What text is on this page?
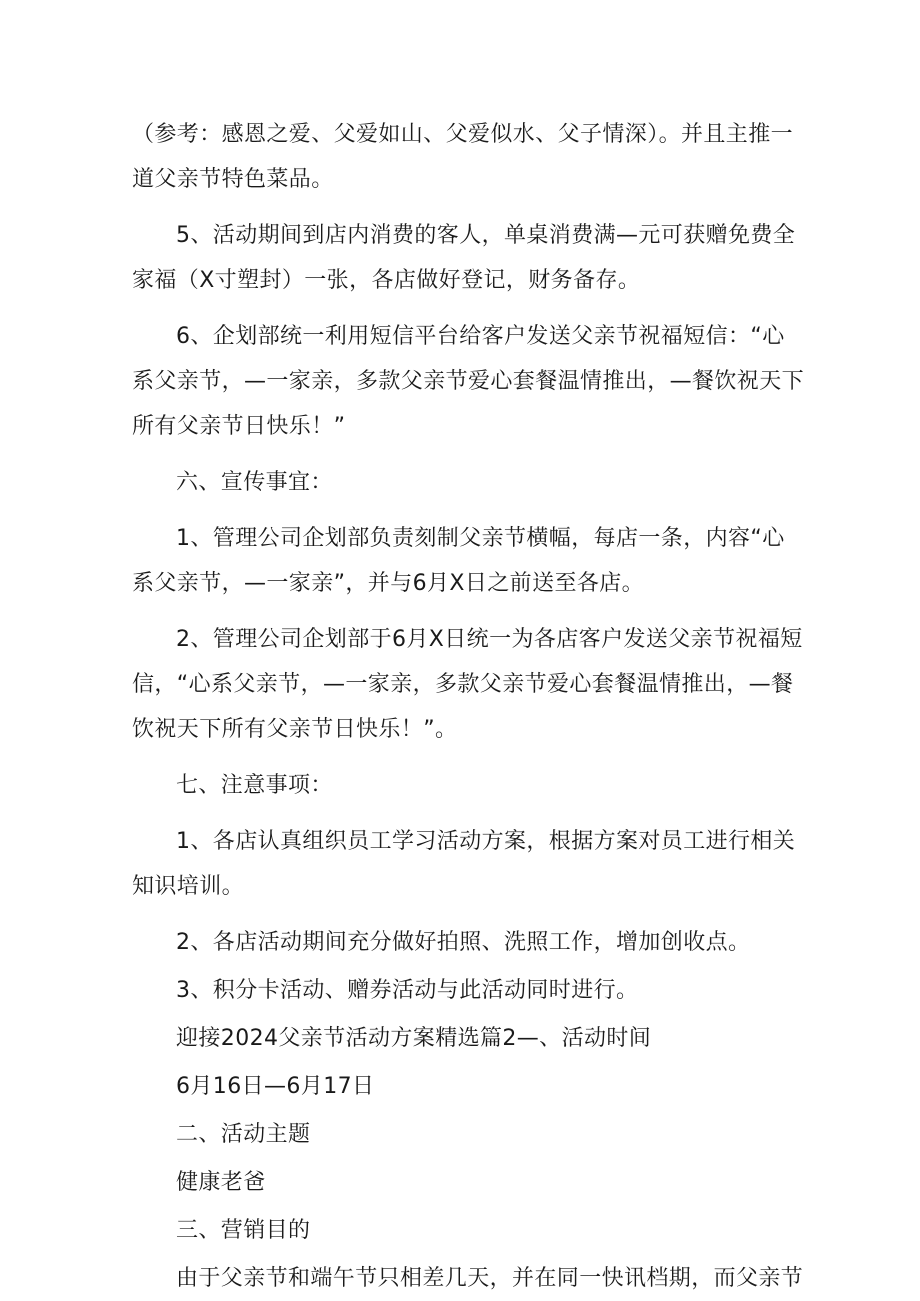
（参考：感恩之爱、父爱如山、父爱似水、父子情深）。并且主推一

道父亲节特色菜品。

5、活动期间到店内消费的客人，单桌消费满—元可获赠免费全

家福（X寸塑封）一张，各店做好登记，财务备存。

6、企划部统一利用短信平台给客户发送父亲节祝福短信：“心

系父亲节，—一家亲，多款父亲节爱心套餐温情推出，—餐饮祝天下

所有父亲节日快乐！”

六、宣传事宜：

1、管理公司企划部负责刻制父亲节横幅，每店一条，内容“心

系父亲节，—一家亲”，并与6月X日之前送至各店。

2、管理公司企划部于6月X日统一为各店客户发送父亲节祝福短

信，“心系父亲节，—一家亲，多款父亲节爱心套餐温情推出，—餐

饮祝天下所有父亲节日快乐！”。

七、注意事项：

1、各店认真组织员工学习活动方案，根据方案对员工进行相关

知识培训。

2、各店活动期间充分做好拍照、洗照工作，增加创收点。

3、积分卡活动、赠券活动与此活动同时进行。

迎接2024父亲节活动方案精选篇2—、活动时间

6月16日—6月17日

二、活动主题

健康老爸

三、营销目的

由于父亲节和端午节只相差几天，并在同一快讯档期，而父亲节
